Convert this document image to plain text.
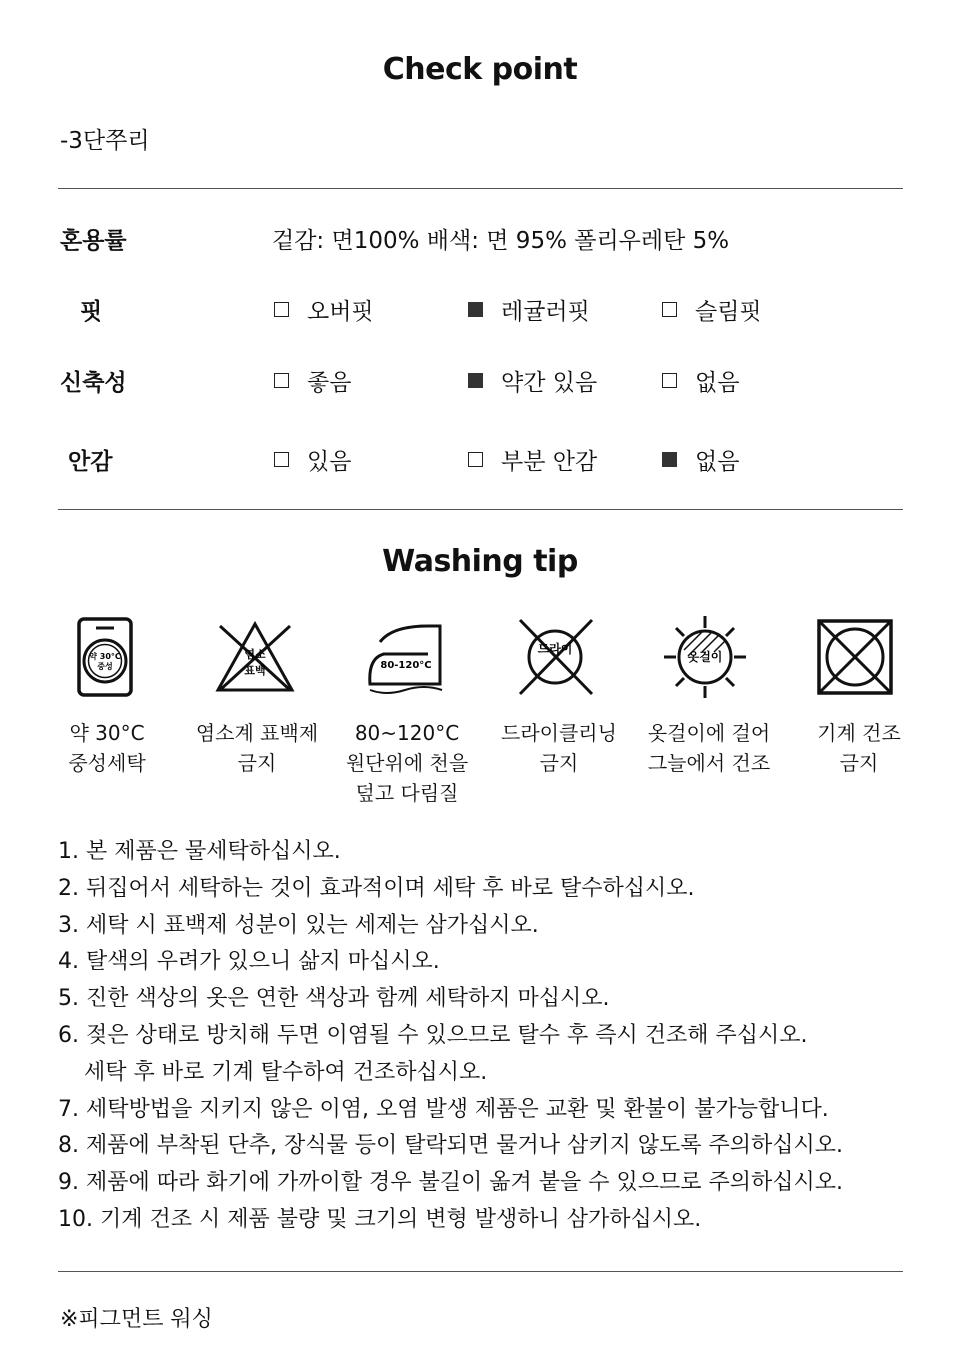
Check point
-3단쭈리
혼용률	겉감: 면100% 배색: 면 95% 폴리우레탄 5%
핏	오버핏	레귤러핏	슬림핏
신축성	좋음	약간 있음	없음
안감	있음	부분 안감	없음
Washing tip
약 30°C
중성
염소
표백	80-120°C
드라이
옷걸이
약 30°C
중성세탁
염소계 표백제
금지
80~120°C
원단위에 천을
덮고 다림질
드라이클리닝
금지
옷걸이에 걸어
그늘에서 건조
기계 건조
금지
1. 본 제품은 물세탁하십시오.
2. 뒤집어서 세탁하는 것이 효과적이며 세탁 후 바로 탈수하십시오.
3. 세탁 시 표백제 성분이 있는 세제는 삼가십시오.
4. 탈색의 우려가 있으니 삶지 마십시오.
5. 진한 색상의 옷은 연한 색상과 함께 세탁하지 마십시오.
6. 젖은 상태로 방치해 두면 이염될 수 있으므로 탈수 후 즉시 건조해 주십시오.
세탁 후 바로 기계 탈수하여 건조하십시오.
7. 세탁방법을 지키지 않은 이염, 오염 발생 제품은 교환 및 환불이 불가능합니다.
8. 제품에 부착된 단추, 장식물 등이 탈락되면 물거나 삼키지 않도록 주의하십시오.
9. 제품에 따라 화기에 가까이할 경우 불길이 옮겨 붙을 수 있으므로 주의하십시오.
10. 기계 건조 시 제품 불량 및 크기의 변형 발생하니 삼가하십시오.
※피그먼트 워싱
